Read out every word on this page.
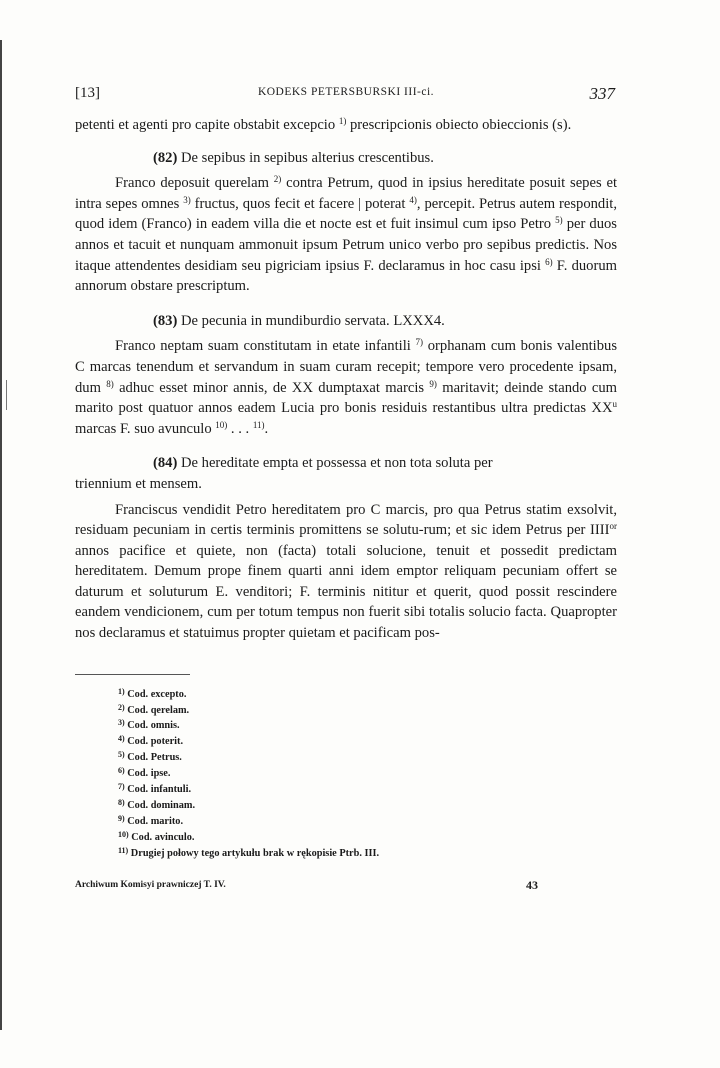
[13]	KODEKS PETERSBURSKI III-ci.	337

petenti et agenti pro capite obstabit excepcio $^{1)}$ prescripcionis obiecto obieccionis (s).

(82) De sepibus in sepibus alterius crescentibus.

Franco deposuit querelam $^{2)}$ contra Petrum, quod in ipsius hereditate posuit sepes et intra sepes omnes $^{3)}$ fructus, quos fecit et facere | poterat $^{4)}$, percepit. Petrus autem respondit, quod idem (Franco) in eadem villa die et nocte est et fuit insimul cum ipso Petro $^{5)}$ per duos annos et tacuit et nunquam ammonuit ipsum Petrum unico verbo pro sepibus predictis. Nos itaque attendentes desidiam seu pigriciam ipsius F. declaramus in hoc casu ipsi $^{6)}$ F. duorum annorum obstare prescriptum.

(83) De pecunia in mundiburdio servata. LXXX4.

Franco neptam suam constitutam in etate infantili $^{7)}$ orphanam cum bonis valentibus C marcas tenendum et servandum in suam curam recepit; tempore vero procedente ipsam, dum $^{8)}$ adhuc esset minor annis, de XX dumptaxat marcis $^{9)}$ maritavit; deinde stando cum marito post quatuor annos eadem Lucia pro bonis residuis restantibus ultra predictas $XX^u$ marcas F. suo avunculo $^{10)}$ . . . $^{11)}$.

(84) De hereditate empta et possessa et non tota soluta per

triennium et mensem.

Franciscus vendidit Petro hereditatem pro C marcis, pro qua Petrus statim exsolvit, residuam pecuniam in certis terminis promittens se solutu-rum; et sic idem Petrus per $IIII^{or}$ annos pacifice et quiete, non (facta) totali solucione, tenuit et possedit predictam hereditatem. Demum prope finem quarti anni idem emptor reliquam pecuniam offert se daturum et soluturum E. venditori; F. terminis nititur et querit, quod possit rescindere eandem vendicionem, cum per totum tempus non fuerit sibi totalis solucio facta. Quapropter nos declaramus et statuimus propter quietam et pacificam pos-

$^{1)}$ Cod. excepto.
$^{2)}$ Cod. qerelam.
$^{3)}$ Cod. omnis.
$^{4)}$ Cod. poterit.
$^{5)}$ Cod. Petrus.
$^{6)}$ Cod. ipse.
$^{7)}$ Cod. infantuli.
$^{8)}$ Cod. dominam.
$^{9)}$ Cod. marito.
$^{10)}$ Cod. avinculo.
$^{11)}$ Drugiej połowy tego artykułu brak w rękopisie Ptrb. III.
Archiwum Komisyi prawniczej T. IV.	43
